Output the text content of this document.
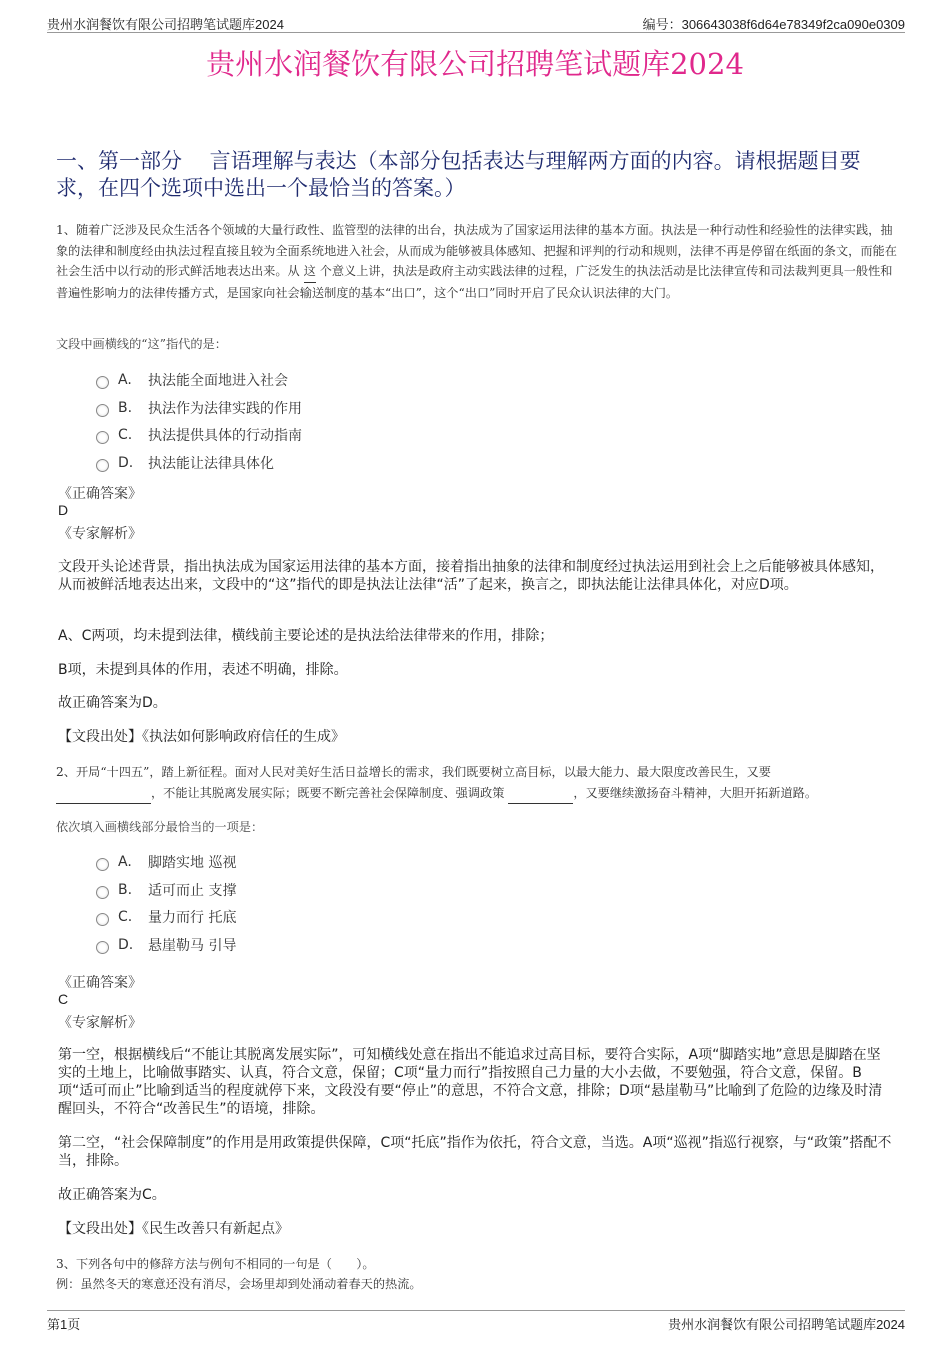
贵州水润餐饮有限公司招聘笔试题库2024	编号：306643038f6d64e78349f2ca090e0309
贵州水润餐饮有限公司招聘笔试题库2024
一、第一部分　 言语理解与表达（本部分包括表达与理解两方面的内容。请根据题目要求，在四个选项中选出一个最恰当的答案。）
1、随着广泛涉及民众生活各个领域的大量行政性、监管型的法律的出台，执法成为了国家运用法律的基本方面。执法是一种行动性和经验性的法律实践，抽象的法律和制度经由执法过程直接且较为全面系统地进入社会，从而成为能够被具体感知、把握和评判的行动和规则，法律不再是停留在纸面的条文，而能在社会生活中以行动的形式鲜活地表达出来。从 这 个意义上讲，执法是政府主动实践法律的过程，广泛发生的执法活动是比法律宣传和司法裁判更具一般性和普遍性影响力的法律传播方式，是国家向社会输送制度的基本“出口”，这个“出口”同时开启了民众认识法律的大门。
文段中画横线的“这”指代的是：
A.	执法能全面地进入社会
B.	执法作为法律实践的作用
C.	执法提供具体的行动指南
D.	执法能让法律具体化
《正确答案》
D
《专家解析》
文段开头论述背景，指出执法成为国家运用法律的基本方面，接着指出抽象的法律和制度经过执法运用到社会上之后能够被具体感知，从而被鲜活地表达出来，文段中的“这”指代的即是执法让法律“活”了起来，换言之，即执法能让法律具体化，对应D项。
A、C两项，均未提到法律，横线前主要论述的是执法给法律带来的作用，排除；
B项，未提到具体的作用，表述不明确，排除。
故正确答案为D。
【文段出处】《执法如何影响政府信任的生成》
2、开局“十四五”，踏上新征程。面对人民对美好生活日益增长的需求，我们既要树立高目标，以最大能力、最大限度改善民生，又要
，不能让其脱离发展实际；既要不断完善社会保障制度、强调政策	，又要继续激扬奋斗精神，大胆开拓新道路。
依次填入画横线部分最恰当的一项是：
A.	脚踏实地 巡视
B.	适可而止 支撑
C.	量力而行 托底
D.	悬崖勒马 引导
《正确答案》
C
《专家解析》
第一空，根据横线后“不能让其脱离发展实际”，可知横线处意在指出不能追求过高目标，要符合实际，A项“脚踏实地”意思是脚踏在坚实的土地上，比喻做事踏实、认真，符合文意，保留；C项“量力而行”指按照自己力量的大小去做，不要勉强，符合文意，保留。B项“适可而止”比喻到适当的程度就停下来，文段没有要“停止”的意思，不符合文意，排除；D项“悬崖勒马”比喻到了危险的边缘及时清醒回头，不符合“改善民生”的语境，排除。
第二空，“社会保障制度”的作用是用政策提供保障，C项“托底”指作为依托，符合文意，当选。A项“巡视”指巡行视察，与“政策”搭配不当，排除。
故正确答案为C。
【文段出处】《民生改善只有新起点》
3、下列各句中的修辞方法与例句不相同的一句是（　　）。
例：虽然冬天的寒意还没有消尽，会场里却到处涌动着春天的热流。
第1页	贵州水润餐饮有限公司招聘笔试题库2024
